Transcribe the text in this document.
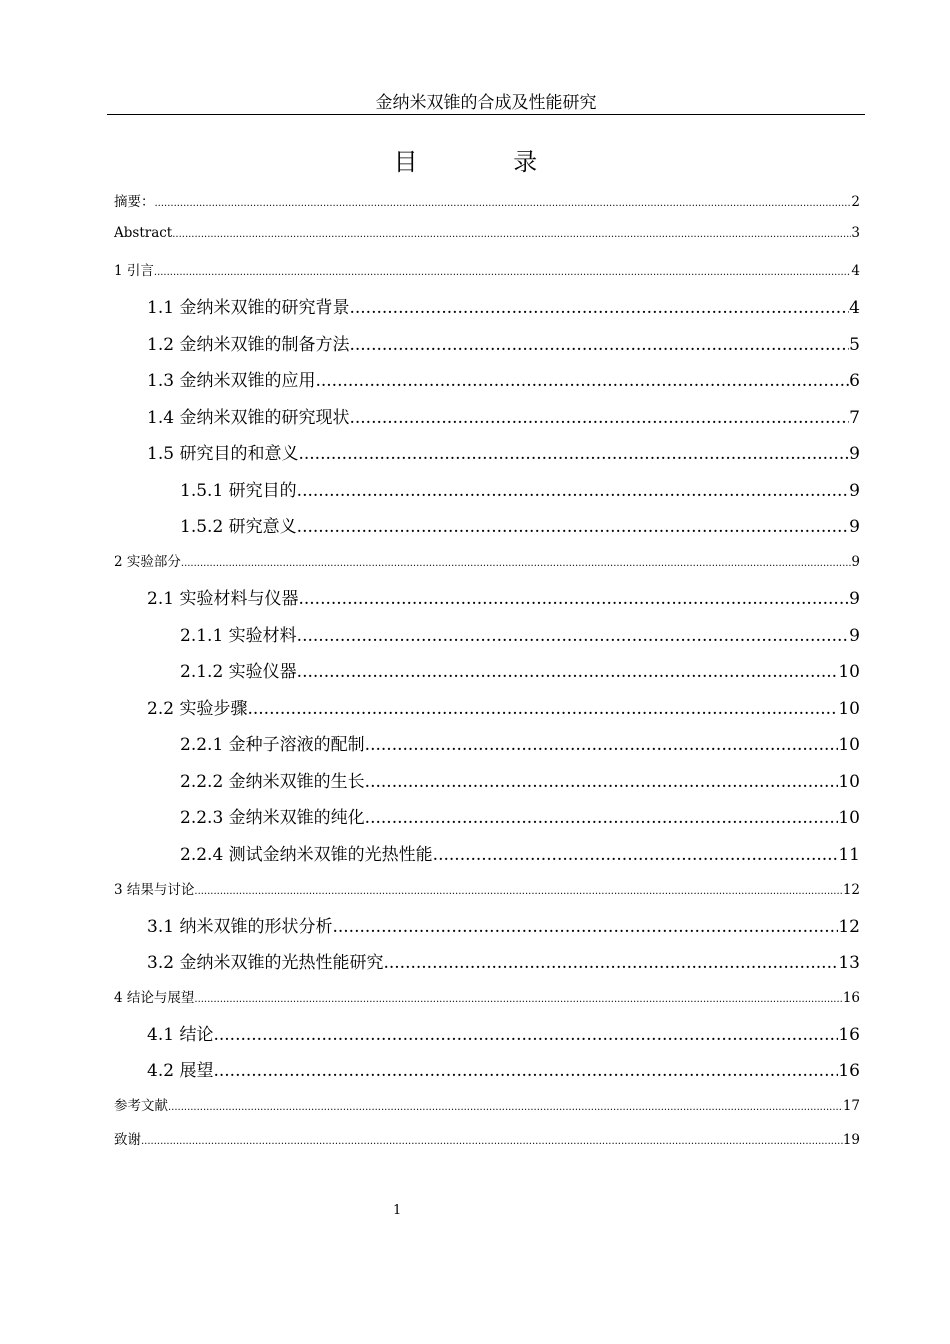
金纳米双锥的合成及性能研究
目 录
摘要： .....	2
Abstract .....	3
1 引言 .....	4
1.1 金纳米双锥的研究背景 .....	4
1.2 金纳米双锥的制备方法 .....	5
1.3 金纳米双锥的应用 .....	6
1.4 金纳米双锥的研究现状 .....	7
1.5 研究目的和意义 .....	9
1.5.1 研究目的 .....	9
1.5.2 研究意义 .....	9
2 实验部分 .....	9
2.1 实验材料与仪器 .....	9
2.1.1 实验材料 .....	9
2.1.2 实验仪器 .....	10
2.2 实验步骤 .....	10
2.2.1 金种子溶液的配制 .....	10
2.2.2 金纳米双锥的生长 .....	10
2.2.3 金纳米双锥的纯化 .....	10
2.2.4 测试金纳米双锥的光热性能 .....	11
3 结果与讨论 .....	12
3.1 纳米双锥的形状分析 .....	12
3.2 金纳米双锥的光热性能研究 .....	13
4 结论与展望 .....	16
4.1 结论 .....	16
4.2 展望 .....	16
参考文献 .....	17
致谢 .....	19
1
